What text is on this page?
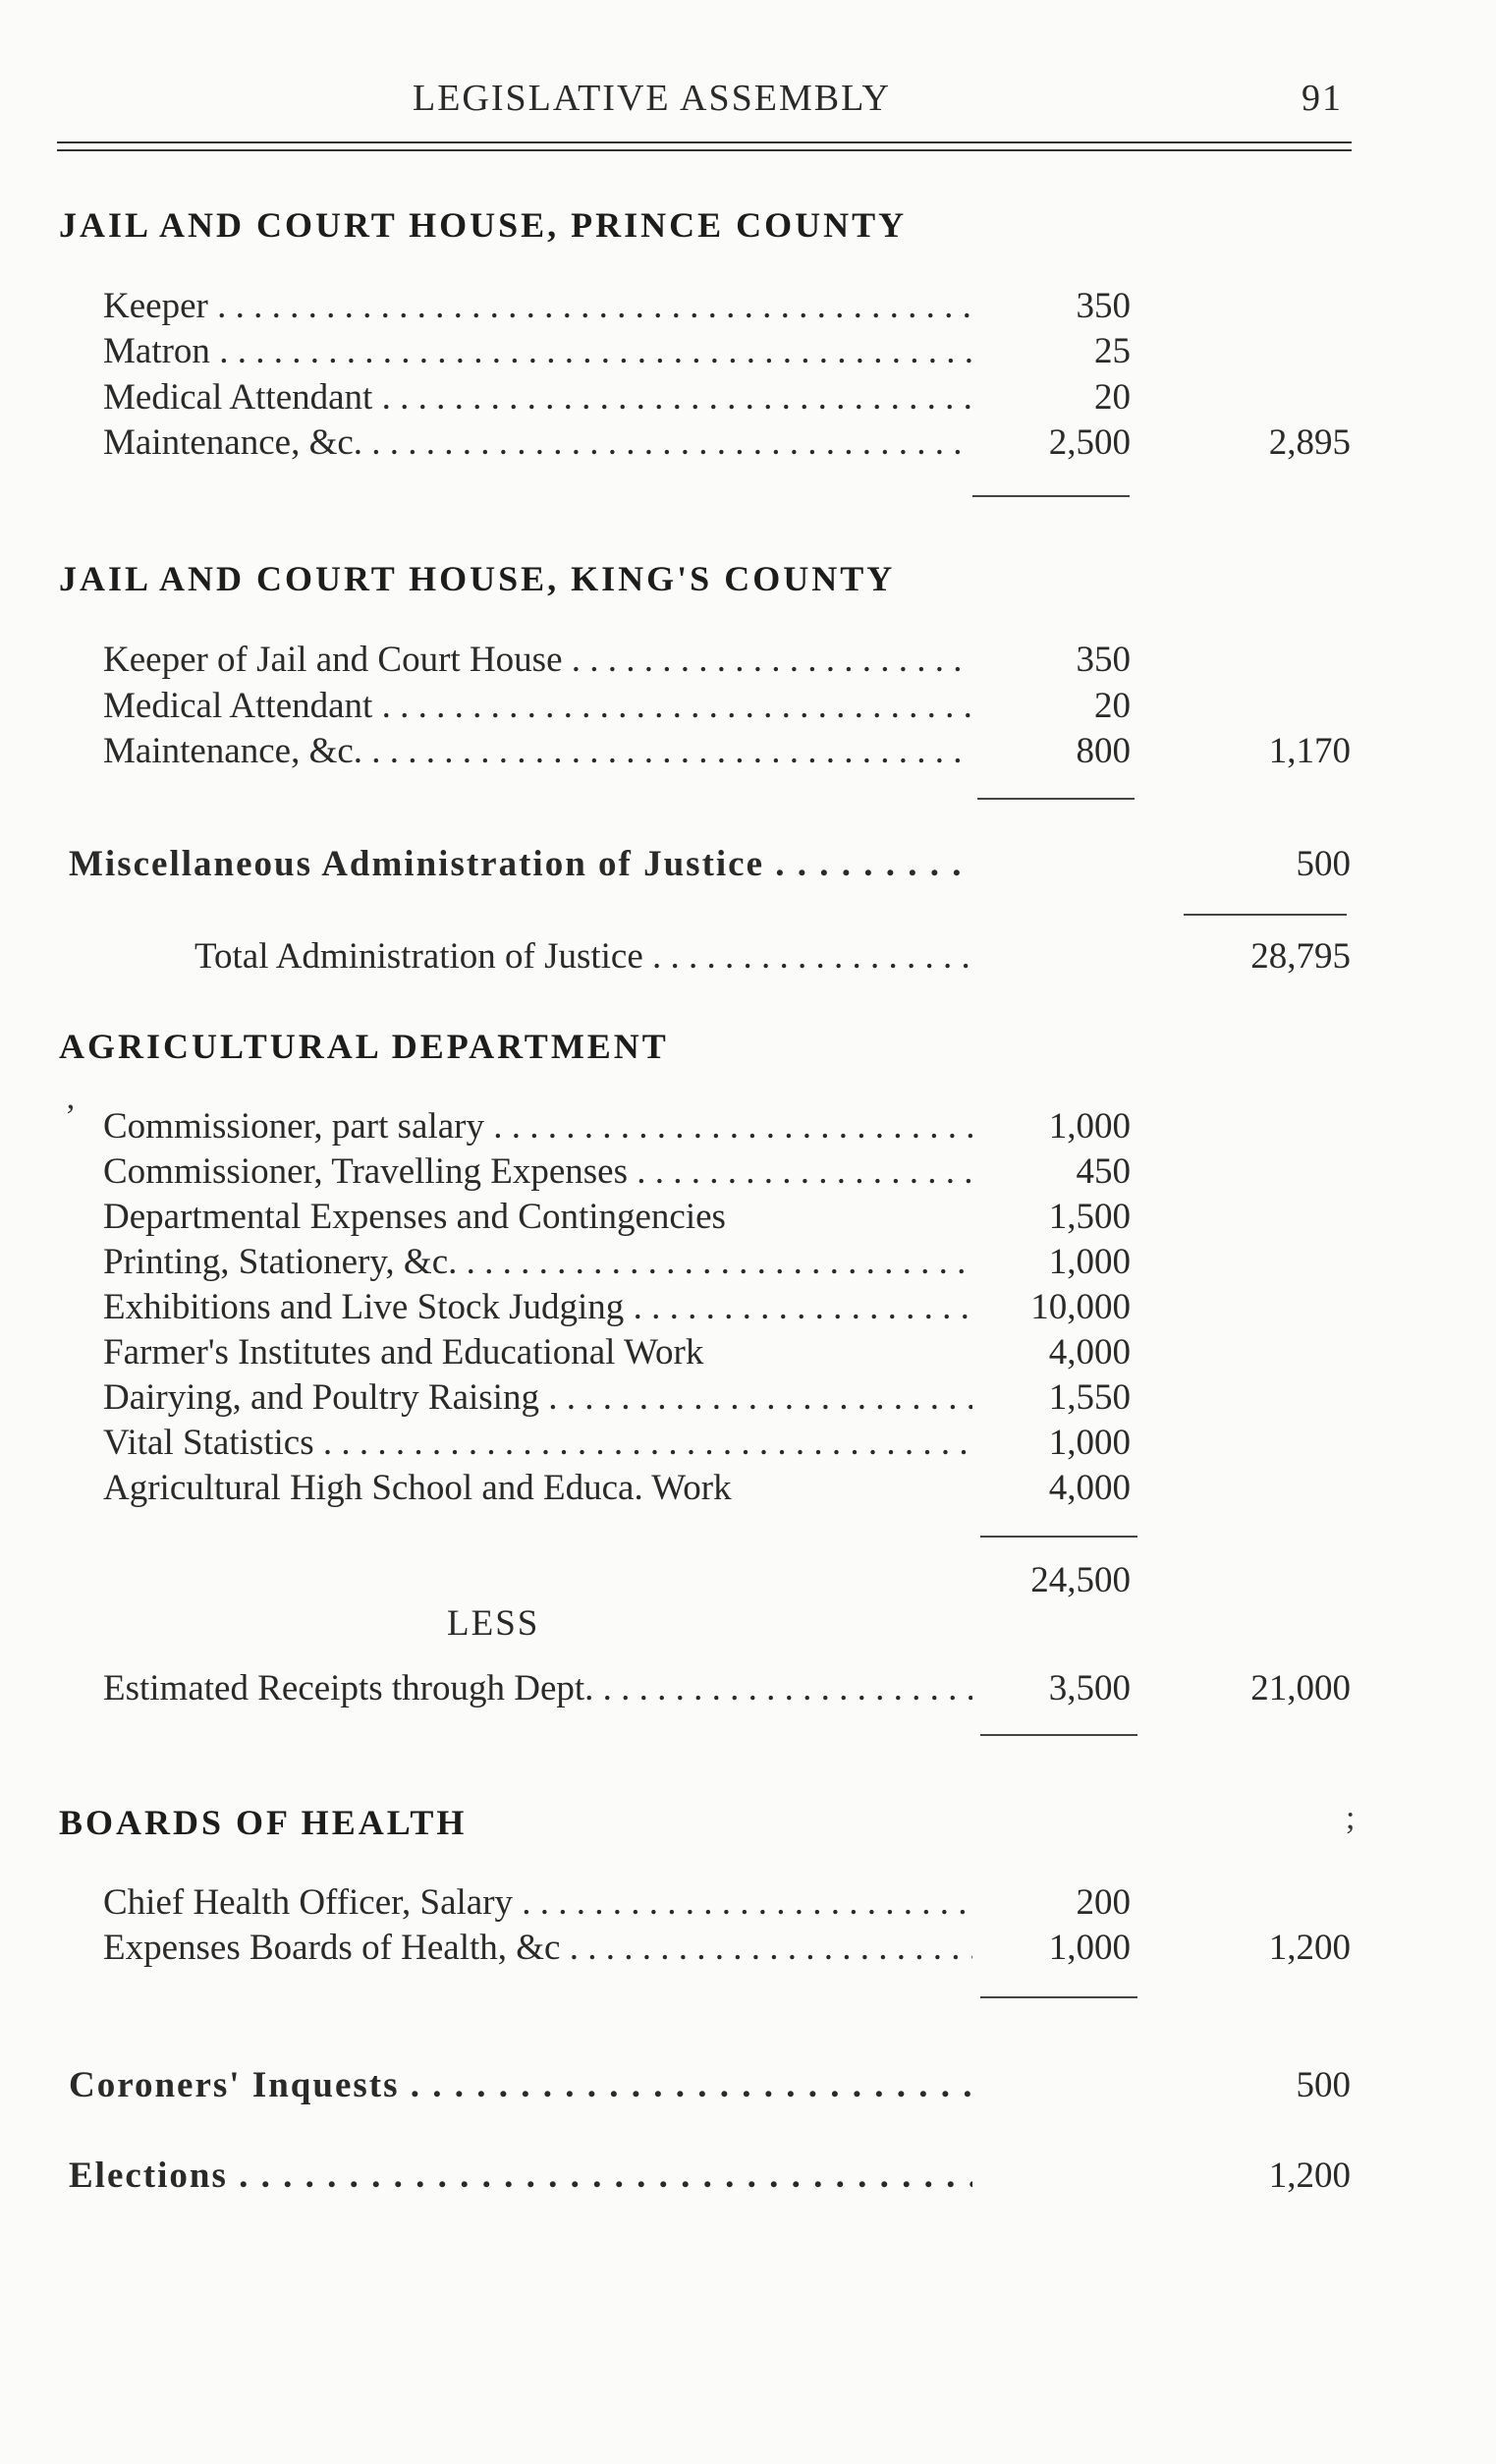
LEGISLATIVE ASSEMBLY	91
JAIL AND COURT HOUSE, PRINCE COUNTY
Keeper . . .	350
Matron . . .	25
Medical Attendant . . .	20
Maintenance, &c. . . .	2,500	2,895
JAIL AND COURT HOUSE, KING'S COUNTY
Keeper of Jail and Court House . . .	350
Medical Attendant . . .	20
Maintenance, &c. . . .	800	1,170
Miscellaneous Administration of Justice . . .	500
Total Administration of Justice . . .	28,795
AGRICULTURAL DEPARTMENT
ʼ Commissioner, part salary . . .	1,000
Commissioner, Travelling Expenses . . .	450
Departmental Expenses and Contingencies	1,500
Printing, Stationery, &c. . . .	1,000
Exhibitions and Live Stock Judging . . .	10,000
Farmer's Institutes and Educational Work	4,000
Dairying, and Poultry Raising . . .	1,550
Vital Statistics . . .	1,000
Agricultural High School and Educa. Work	4,000
24,500
LESS
Estimated Receipts through Dept. . . .	3,500	21,000
BOARDS OF HEALTH	;
Chief Health Officer, Salary . . .	200
Expenses Boards of Health, &c . . .	1,000	1,200
Coroners' Inquests . . .	500
Elections . . .	1,200
